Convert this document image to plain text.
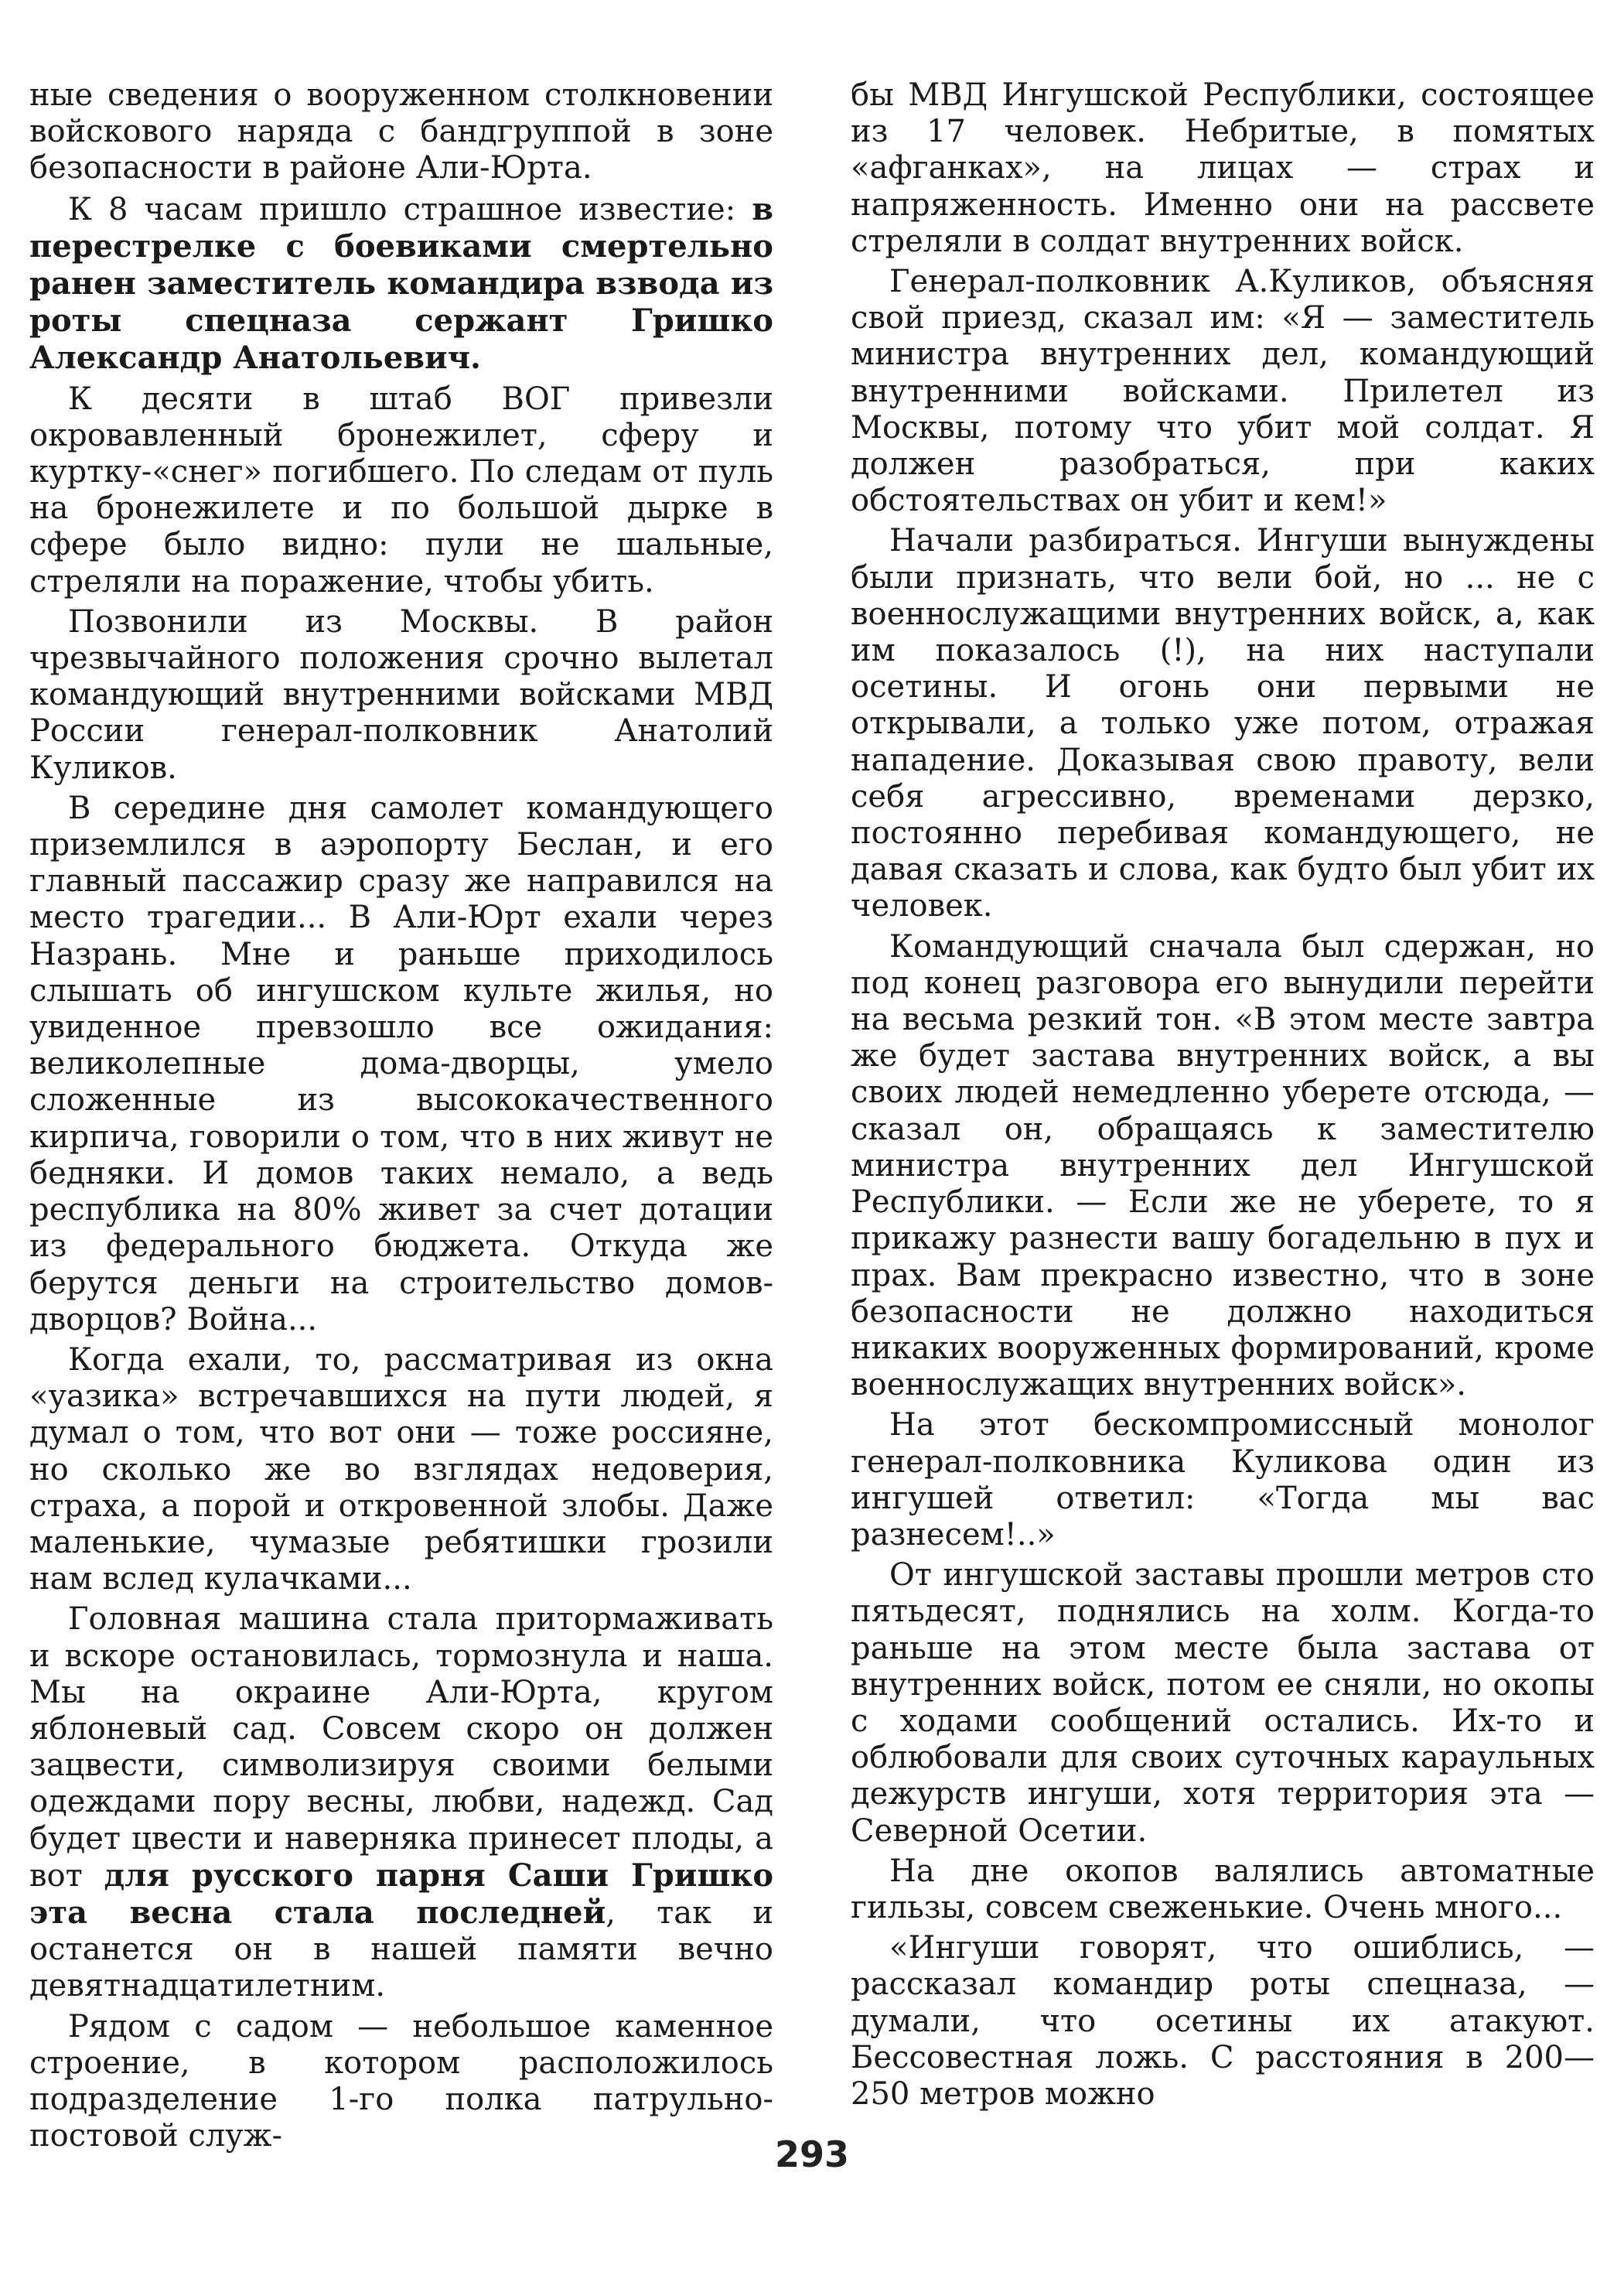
ные сведения о вооруженном столкновении войскового наряда с бандгруппой в зоне безопасности в районе Али-Юрта.

К 8 часам пришло страшное известие: в перестрелке с боевиками смертельно ранен заместитель командира взвода из роты спецназа сержант Гришко Александр Анатольевич.

К десяти в штаб ВОГ привезли окровавленный бронежилет, сферу и куртку-«снег» погибшего. По следам от пуль на бронежилете и по большой дырке в сфере было видно: пули не шальные, стреляли на поражение, чтобы убить.

Позвонили из Москвы. В район чрезвычайного положения срочно вылетал командующий внутренними войсками МВД России генерал-полковник Анатолий Куликов.

В середине дня самолет командующего приземлился в аэропорту Беслан, и его главный пассажир сразу же направился на место трагедии... В Али-Юрт ехали через Назрань. Мне и раньше приходилось слышать об ингушском культе жилья, но увиденное превзошло все ожидания: великолепные дома-дворцы, умело сложенные из высококачественного кирпича, говорили о том, что в них живут не бедняки. И домов таких немало, а ведь республика на 80% живет за счет дотации из федерального бюджета. Откуда же берутся деньги на строительство домов-дворцов? Война...

Когда ехали, то, рассматривая из окна «уазика» встречавшихся на пути людей, я думал о том, что вот они — тоже россияне, но сколько же во взглядах недоверия, страха, а порой и откровенной злобы. Даже маленькие, чумазые ребятишки грозили нам вслед кулачками...

Головная машина стала притормаживать и вскоре остановилась, тормознула и наша. Мы на окраине Али-Юрта, кругом яблоневый сад. Совсем скоро он должен зацвести, символизируя своими белыми одеждами пору весны, любви, надежд. Сад будет цвести и наверняка принесет плоды, а вот для русского парня Саши Гришко эта весна стала последней, так и останется он в нашей памяти вечно девятнадцатилетним.

Рядом с садом — небольшое каменное строение, в котором расположилось подразделение 1-го полка патрульно-постовой служ-

бы МВД Ингушской Республики, состоящее из 17 человек. Небритые, в помятых «афганках», на лицах — страх и напряженность. Именно они на рассвете стреляли в солдат внутренних войск.

Генерал-полковник А.Куликов, объясняя свой приезд, сказал им: «Я — заместитель министра внутренних дел, командующий внутренними войсками. Прилетел из Москвы, потому что убит мой солдат. Я должен разобраться, при каких обстоятельствах он убит и кем!»

Начали разбираться. Ингуши вынуждены были признать, что вели бой, но ... не с военнослужащими внутренних войск, а, как им показалось (!), на них наступали осетины. И огонь они первыми не открывали, а только уже потом, отражая нападение. Доказывая свою правоту, вели себя агрессивно, временами дерзко, постоянно перебивая командующего, не давая сказать и слова, как будто был убит их человек.

Командующий сначала был сдержан, но под конец разговора его вынудили перейти на весьма резкий тон. «В этом месте завтра же будет застава внутренних войск, а вы своих людей немедленно уберете отсюда, — сказал он, обращаясь к заместителю министра внутренних дел Ингушской Республики. — Если же не уберете, то я прикажу разнести вашу богадельню в пух и прах. Вам прекрасно известно, что в зоне безопасности не должно находиться никаких вооруженных формирований, кроме военнослужащих внутренних войск».

На этот бескомпромиссный монолог генерал-полковника Куликова один из ингушей ответил: «Тогда мы вас разнесем!..»

От ингушской заставы прошли метров сто пятьдесят, поднялись на холм. Когда-то раньше на этом месте была застава от внутренних войск, потом ее сняли, но окопы с ходами сообщений остались. Их-то и облюбовали для своих суточных караульных дежурств ингуши, хотя территория эта — Северной Осетии.

На дне окопов валялись автоматные гильзы, совсем свеженькие. Очень много...

«Ингуши говорят, что ошиблись, — рассказал командир роты спецназа, — думали, что осетины их атакуют. Бессовестная ложь. С расстояния в 200—250 метров можно

293
